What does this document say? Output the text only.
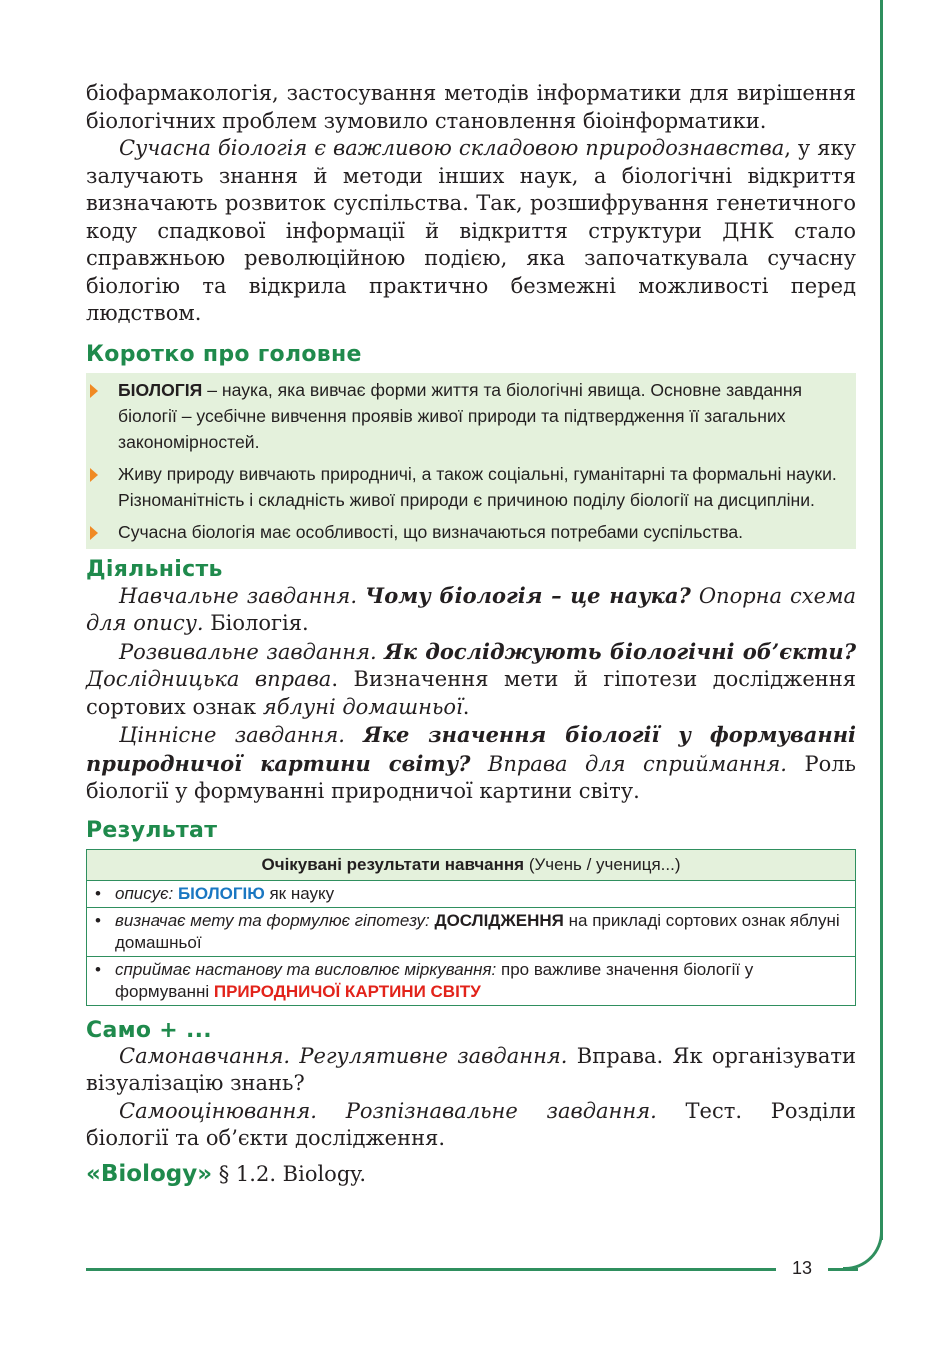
13

біофармакологія, застосування методів інформатики для вирішення біологічних проблем зумовило становлення біоінформатики.

Сучасна біологія є важливою складовою природознавства, у яку залучають знання й методи інших наук, а біологічні відкриття визначають розвиток суспільства. Так, розшифрування генетичного коду спадкової інформації й відкриття структури ДНК стало справжньою революційною подією, яка започаткувала сучасну біологію та відкрила практично безмежні можливості перед людством.

Коротко про головне
БІОЛОГІЯ – наука, яка вивчає форми життя та біологічні явища. Основне завдання біології – усебічне вивчення проявів живої природи та підтвердження її загальних закономірностей.
Живу природу вивчають природничі, а також соціальні, гуманітарні та формальні науки. Різноманітність і складність живої природи є причиною поділу біології на дисципліни.
Сучасна біологія має особливості, що визначаються потребами суспільства.
Діяльність

Навчальне завдання. Чому біологія – це наука? Опорна схема для опису. Біологія.

Розвивальне завдання. Як досліджують біологічні об’єкти? Дослідницька вправа. Визначення мети й гіпотези дослідження сортових ознак яблуні домашньої.

Ціннісне завдання. Яке значення біології у формуванні природничої картини світу? Вправа для сприймання. Роль біології у формуванні природничої картини світу.

Результат
Очікувані результати навчання (Учень / учениця...)

• описує: БІОЛОГІЮ як науку

• визначає мету та формулює гіпотезу: ДОСЛІДЖЕННЯ на прикладі сортових ознак яблуні домашньої

• сприймає настанову та висловлює міркування: про важливе значення біології у формуванні ПРИРОДНИЧОЇ КАРТИНИ СВІТУ
Само + ...

Самонавчання. Регулятивне завдання. Вправа. Як організувати візуалізацію знань?

Самооцінювання. Розпізнавальне завдання. Тест. Розділи біології та об’єкти дослідження.

«Biology» § 1.2. Biology.
